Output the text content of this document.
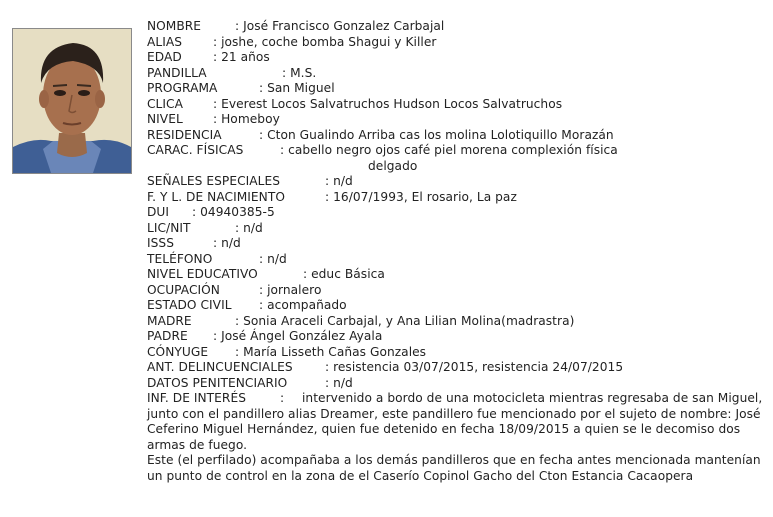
NOMBRE	: José Francisco Gonzalez Carbajal
ALIAS	: joshe, coche bomba Shagui y Killer
EDAD	: 21 años
PANDILLA	: M.S.
PROGRAMA	: San Miguel
CLICA : Everest Locos Salvatruchos Hudson Locos Salvatruchos
NIVEL : Homeboy
RESIDENCIA	: Cton Gualindo Arriba cas los molina Lolotiquillo Morazán
CARAC. FÍSICAS	: cabello negro ojos café piel morena complexión física
delgado
SEÑALES ESPECIALES	: n/d
F. Y L. DE NACIMIENTO	: 16/07/1993, El rosario, La paz
DUI : 04940385-5
LIC/NIT	: n/d
ISSS	: n/d
TELÉFONO	: n/d
NIVEL EDUCATIVO	: educ Básica
OCUPACIÓN	: jornalero
ESTADO CIVIL : acompañado
MADRE	: Sonia Araceli Carbajal, y Ana Lilian Molina(madrastra)
PADRE : José Ángel González Ayala
CÓNYUGE : María Lisseth Cañas Gonzales
ANT. DELINCUENCIALES	: resistencia 03/07/2015, resistencia 24/07/2015
DATOS PENITENCIARIO	: n/d
INF. DE INTERÉS	: intervenido a bordo de una motocicleta mientras regresaba de san Miguel,
junto con el pandillero alias Dreamer, este pandillero fue mencionado por el sujeto de nombre: José
Ceferino Miguel Hernández, quien fue detenido en fecha 18/09/2015 a quien se le decomiso dos
armas de fuego.
Este (el perfilado) acompañaba a los demás pandilleros que en fecha antes mencionada mantenían
un punto de control en la zona de el Caserío Copinol Gacho del Cton Estancia Cacaopera
